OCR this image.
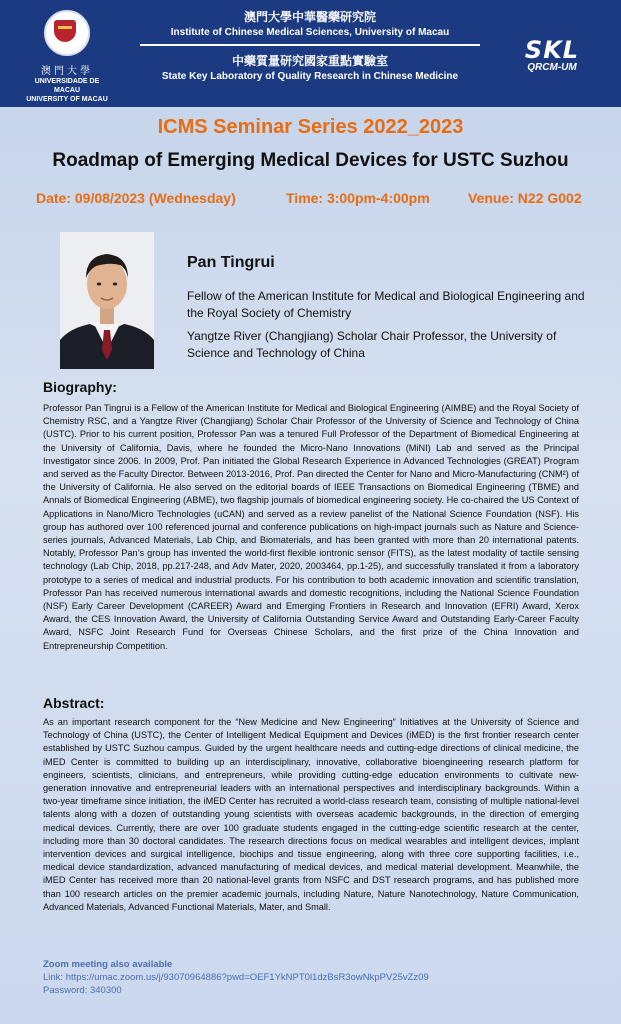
澳門大學
UNIVERSIDADE DE MACAU
UNIVERSITY OF MACAU
澳門大學中華醫藥研究院
Institute of Chinese Medical Sciences, University of Macau
中藥質量研究國家重點實驗室
State Key Laboratory of Quality Research in Chinese Medicine
SKL
QRCM-UM
ICMS Seminar Series 2022_2023
Roadmap of Emerging Medical Devices for USTC Suzhou
Date: 09/08/2023 (Wednesday)	Time: 3:00pm-4:00pm	Venue: N22 G002
Pan Tingrui
Fellow of the American Institute for Medical and Biological Engineering and the Royal Society of Chemistry
Yangtze River (Changjiang) Scholar Chair Professor, the University of Science and Technology of China
Biography:

Professor Pan Tingrui is a Fellow of the American Institute for Medical and Biological Engineering (AIMBE) and the Royal Society of Chemistry RSC, and a Yangtze River (Changjiang) Scholar Chair Professor of the University of Science and Technology of China (USTC). Prior to his current position, Professor Pan was a tenured Full Professor of the Department of Biomedical Engineering at the University of California, Davis, where he founded the Micro-Nano Innovations (MiNI) Lab and served as the Principal Investigator since 2006. In 2009, Prof. Pan initiated the Global Research Experience in Advanced Technologies (GREAT) Program and served as the Faculty Director. Between 2013-2016, Prof. Pan directed the Center for Nano and Micro-Manufacturing (CNM²) of the University of California. He also served on the editorial boards of IEEE Transactions on Biomedical Engineering (TBME) and Annals of Biomedical Engineering (ABME), two flagship journals of biomedical engineering society. He co-chaired the US Context of Applications in Nano/Micro Technologies (uCAN) and served as a review panelist of the National Science Foundation (NSF). His group has authored over 100 referenced journal and conference publications on high-impact journals such as Nature and Science-series journals, Advanced Materials, Lab Chip, and Biomaterials, and has been granted with more than 20 international patents. Notably, Professor Pan’s group has invented the world-first flexible iontronic sensor (FITS), as the latest modality of tactile sensing technology (Lab Chip, 2018, pp.217-248, and Adv Mater, 2020, 2003464, pp.1-25), and successfully translated it from a laboratory prototype to a series of medical and industrial products. For his contribution to both academic innovation and scientific translation, Professor Pan has received numerous international awards and domestic recognitions, including the National Science Foundation (NSF) Early Career Development (CAREER) Award and Emerging Frontiers in Research and Innovation (EFRI) Award, Xerox Award, the CES Innovation Award, the University of California Outstanding Service Award and Outstanding Early-Career Faculty Award, NSFC Joint Research Fund for Overseas Chinese Scholars, and the first prize of the China Innovation and Entrepreneurship Competition.

Abstract:

As an important research component for the “New Medicine and New Engineering” Initiatives at the University of Science and Technology of China (USTC), the Center of Intelligent Medical Equipment and Devices (iMED) is the first frontier research center established by USTC Suzhou campus. Guided by the urgent healthcare needs and cutting-edge directions of clinical medicine, the iMED Center is committed to building up an interdisciplinary, innovative, collaborative bioengineering research platform for engineers, scientists, clinicians, and entrepreneurs, while providing cutting-edge education environments to cultivate new-generation innovative and entrepreneurial leaders with an international perspectives and interdisciplinary backgrounds. Within a two-year timeframe since initiation, the iMED Center has recruited a world-class research team, consisting of multiple national-level talents along with a dozen of outstanding young scientists with overseas academic backgrounds, in the direction of emerging medical devices. Currently, there are over 100 graduate students engaged in the cutting-edge scientific research at the center, including more than 30 doctoral candidates. The research directions focus on medical wearables and intelligent devices, implant intervention devices and surgical intelligence, biochips and tissue engineering, along with three core supporting facilities, i.e., medical device standardization, advanced manufacturing of medical devices, and medical material development. Meanwhile, the iMED Center has received more than 20 national-level grants from NSFC and DST research programs, and has published more than 100 research articles on the premier academic journals, including Nature, Nature Nanotechnology, Nature Communication, Advanced Materials, Advanced Functional Materials, Mater, and Small.

Zoom meeting also available
Link: https://umac.zoom.us/j/93070964886?pwd=OEF1YkNPT0l1dzBsR3owNkpPV25vZz09
Password: 340300
